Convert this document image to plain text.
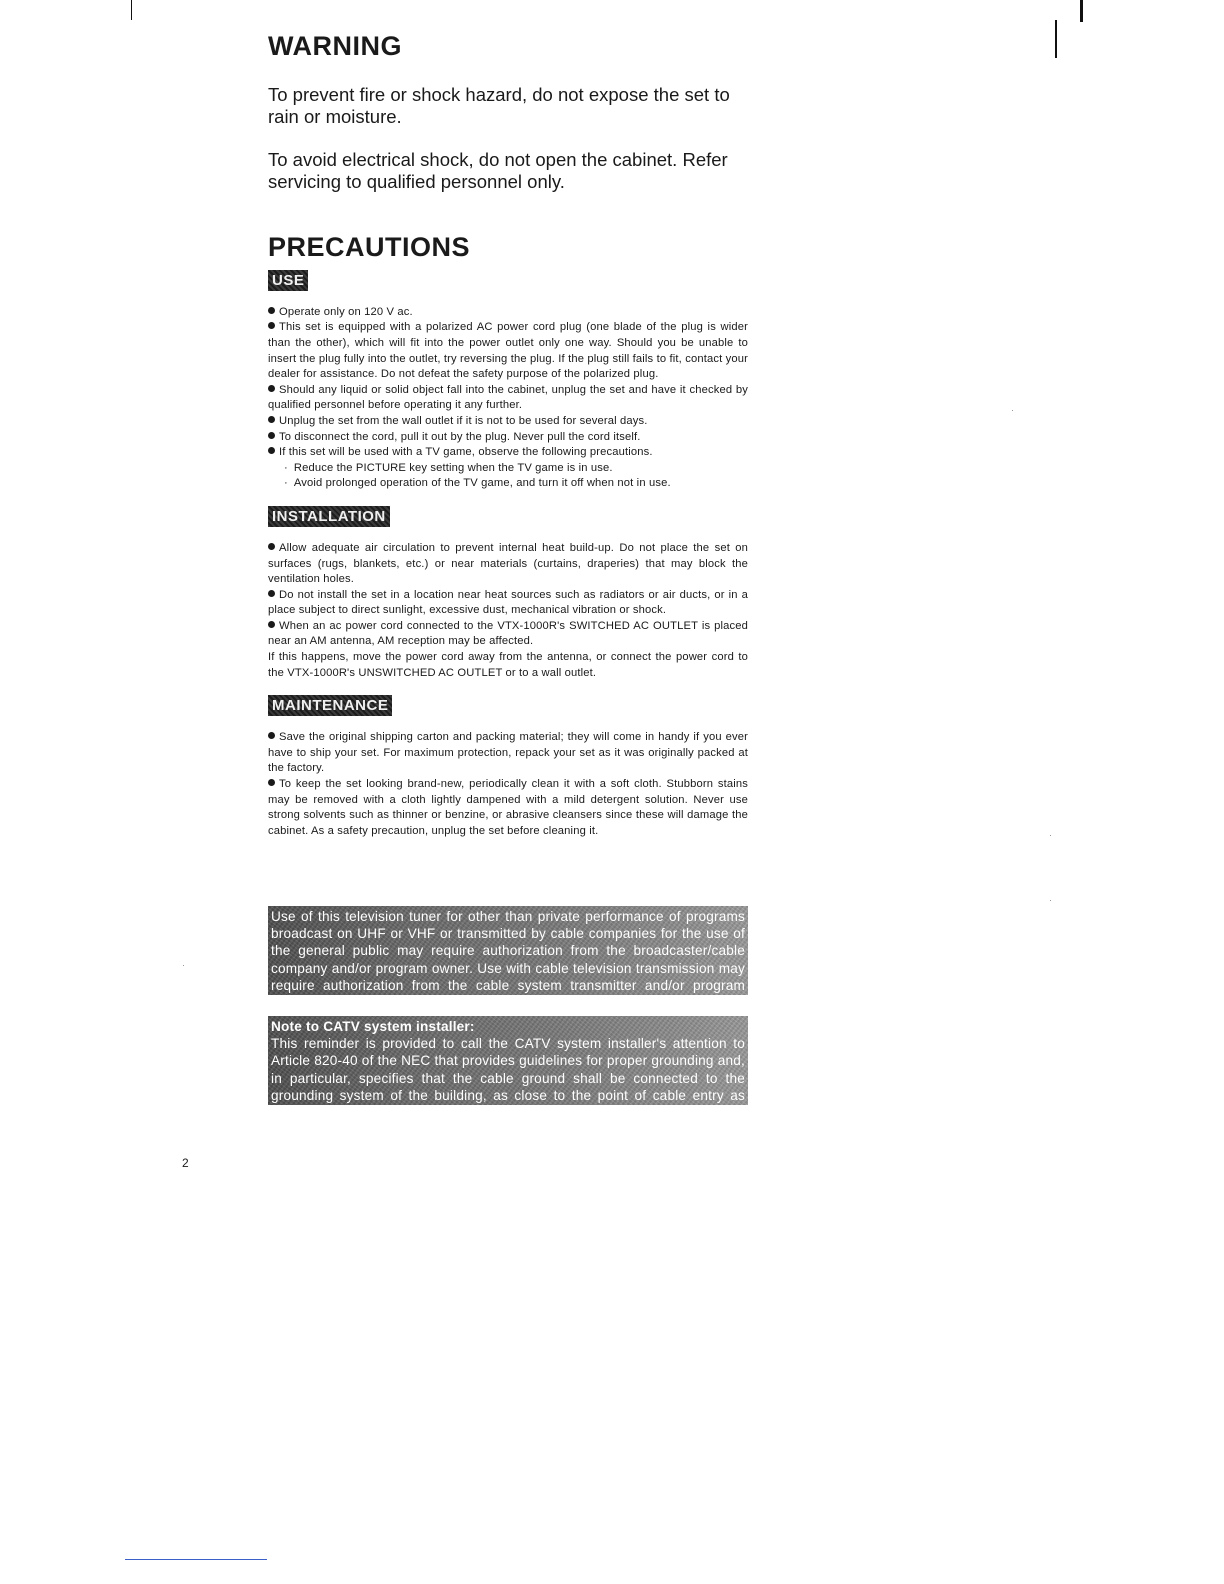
WARNING

To prevent fire or shock hazard, do not expose the set to rain or moisture.

To avoid electrical shock, do not open the cabinet. Refer servicing to qualified personnel only.

PRECAUTIONS
USE
Operate only on 120 V ac.
This set is equipped with a polarized AC power cord plug (one blade of the plug is wider than the other), which will fit into the power outlet only one way. Should you be unable to insert the plug fully into the outlet, try reversing the plug. If the plug still fails to fit, contact your dealer for assistance. Do not defeat the safety purpose of the polarized plug.
Should any liquid or solid object fall into the cabinet, unplug the set and have it checked by qualified personnel before operating it any further.
Unplug the set from the wall outlet if it is not to be used for several days.
To disconnect the cord, pull it out by the plug. Never pull the cord itself.
If this set will be used with a TV game, observe the following precautions.

· Reduce the PICTURE key setting when the TV game is in use.

· Avoid prolonged operation of the TV game, and turn it off when not in use.

INSTALLATION
Allow adequate air circulation to prevent internal heat build-up. Do not place the set on surfaces (rugs, blankets, etc.) or near materials (curtains, draperies) that may block the ventilation holes.
Do not install the set in a location near heat sources such as radiators or air ducts, or in a place subject to direct sunlight, excessive dust, mechanical vibration or shock.
When an ac power cord connected to the VTX-1000R's SWITCHED AC OUTLET is placed near an AM antenna, AM reception may be affected.

If this happens, move the power cord away from the antenna, or connect the power cord to the VTX-1000R's UNSWITCHED AC OUTLET or to a wall outlet.

MAINTENANCE
Save the original shipping carton and packing material; they will come in handy if you ever have to ship your set. For maximum protection, repack your set as it was originally packed at the factory.
To keep the set looking brand-new, periodically clean it with a soft cloth. Stubborn stains may be removed with a cloth lightly dampened with a mild detergent solution. Never use strong solvents such as thinner or benzine, or abrasive cleansers since these will damage the cabinet. As a safety precaution, unplug the set before cleaning it.
Use of this television tuner for other than private performance of programs broadcast on UHF or VHF or transmitted by cable companies for the use of the general public may require authorization from the broadcaster/cable company and/or program owner. Use with cable television transmission may require authorization from the cable system transmitter and/or program owner.
Note to CATV system installer:
This reminder is provided to call the CATV system installer's attention to Article 820-40 of the NEC that provides guidelines for proper grounding and, in particular, specifies that the cable ground shall be connected to the grounding system of the building, as close to the point of cable entry as practical.
2
